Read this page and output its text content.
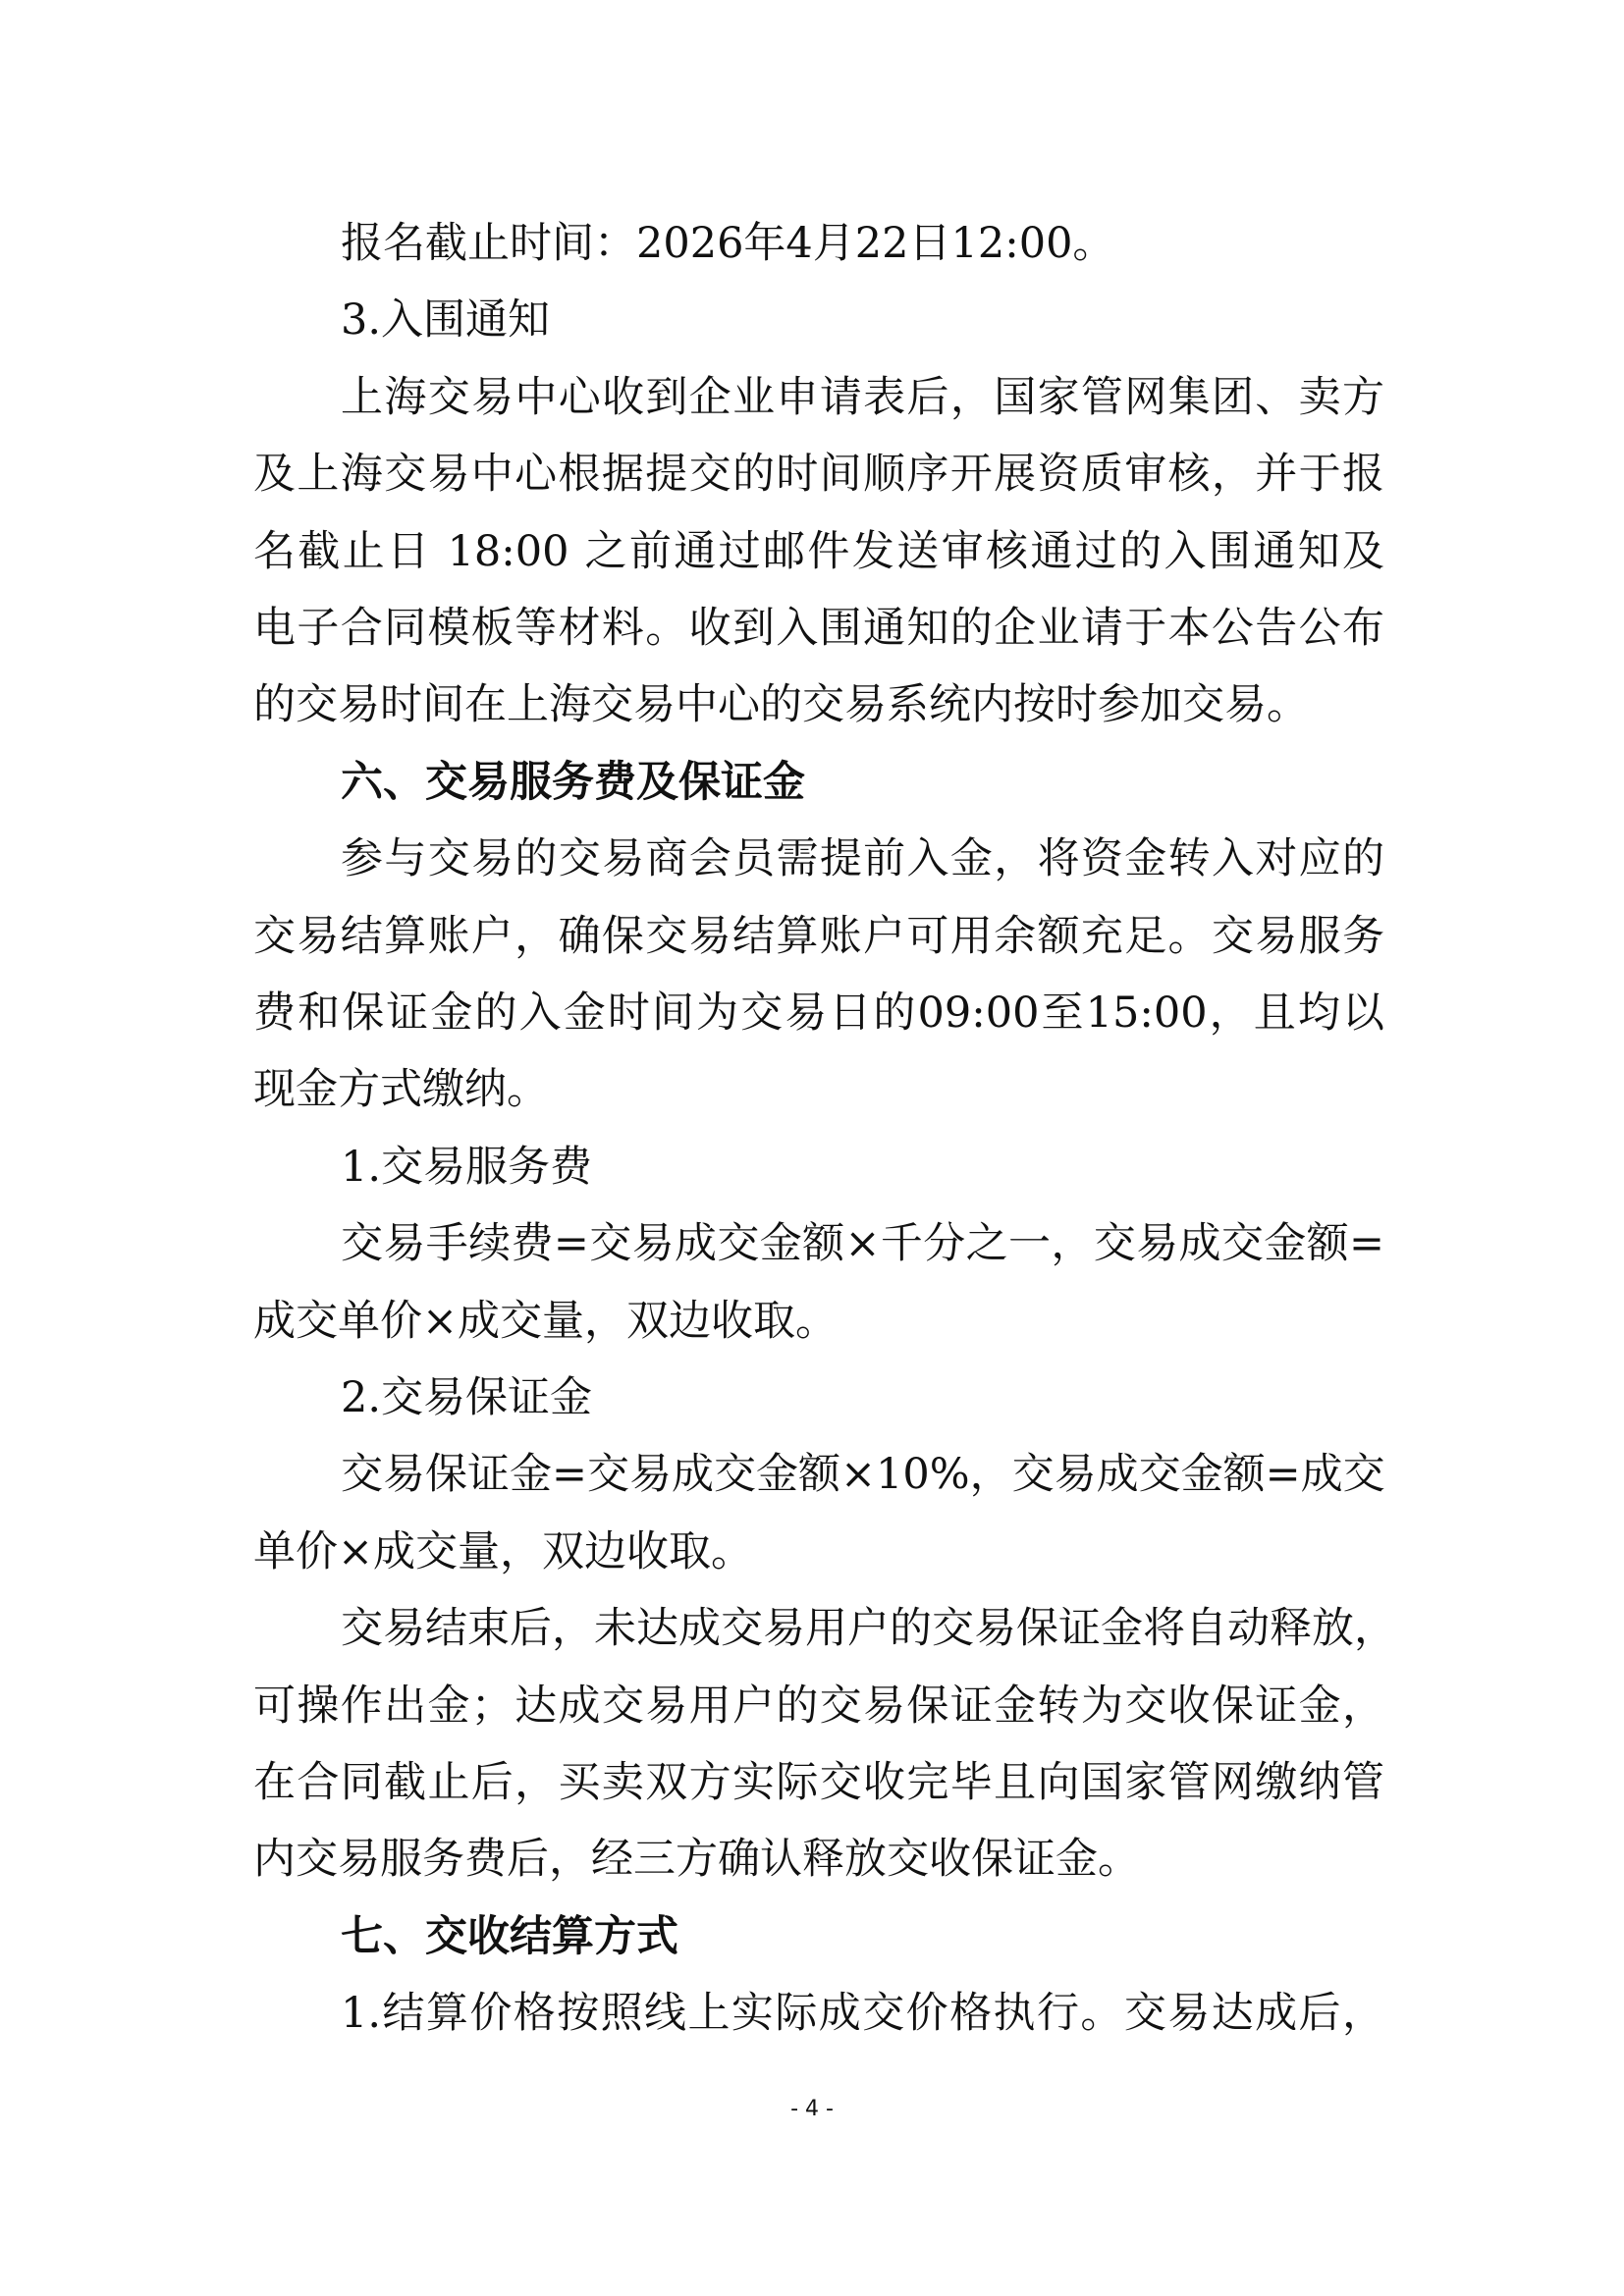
报名截止时间：2026年4月22日12:00。
3.入围通知
上海交易中心收到企业申请表后，国家管网集团、卖方
及上海交易中心根据提交的时间顺序开展资质审核，并于报
名截止日 18:00 之前通过邮件发送审核通过的入围通知及
电子合同模板等材料。收到入围通知的企业请于本公告公布
的交易时间在上海交易中心的交易系统内按时参加交易。
六、交易服务费及保证金
参与交易的交易商会员需提前入金，将资金转入对应的
交易结算账户，确保交易结算账户可用余额充足。交易服务
费和保证金的入金时间为交易日的09:00至15:00，且均以
现金方式缴纳。
1.交易服务费
交易手续费=交易成交金额×千分之一，交易成交金额=
成交单价×成交量，双边收取。
2.交易保证金
交易保证金=交易成交金额×10%，交易成交金额=成交
单价×成交量，双边收取。
交易结束后，未达成交易用户的交易保证金将自动释放，
可操作出金；达成交易用户的交易保证金转为交收保证金，
在合同截止后，买卖双方实际交收完毕且向国家管网缴纳管
内交易服务费后，经三方确认释放交收保证金。
七、交收结算方式
1.结算价格按照线上实际成交价格执行。交易达成后，
- 4 -
